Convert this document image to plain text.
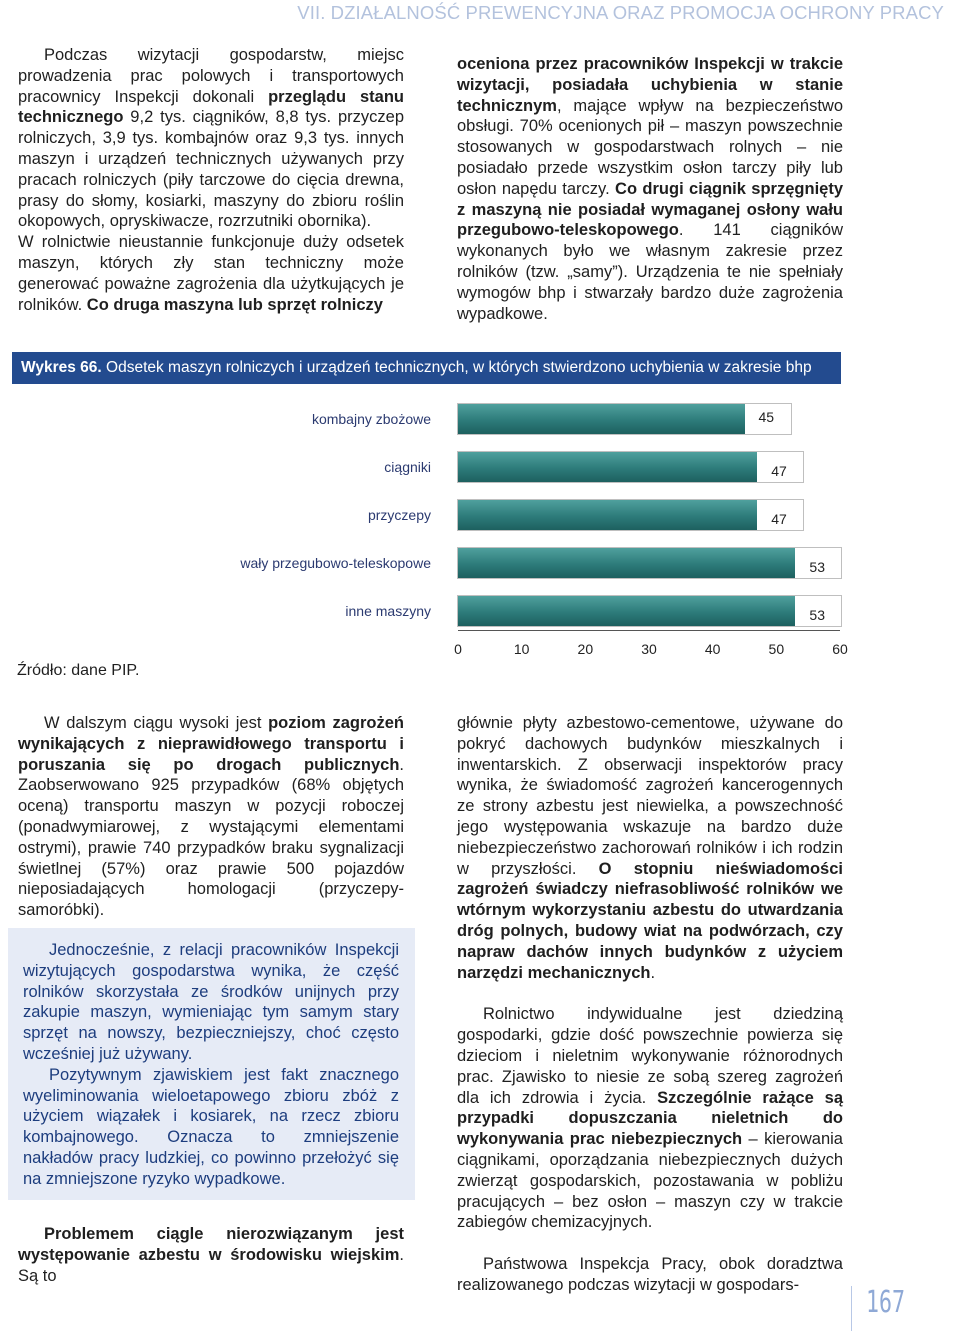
VII. DZIAŁALNOŚĆ PREWENCYJNA ORAZ PROMOCJA OCHRONY PRACY

Podczas wizytacji gospodarstw, miejsc prowadzenia prac polowych i transportowych pracownicy Inspekcji dokonali przeglądu stanu technicznego 9,2 tys. ciągników, 8,8 tys. przyczep rolniczych, 3,9 tys. kombajnów oraz 9,3 tys. innych maszyn i urządzeń technicznych używanych przy pracach rolniczych (piły tarczowe do cięcia drewna, prasy do słomy, kosiarki, maszyny do zbioru roślin okopowych, opryskiwacze, rozrzutniki obornika).

W rolnictwie nieustannie funkcjonuje duży odsetek maszyn, których zły stan techniczny może generować poważne zagrożenia dla użytkujących je rolników. Co druga maszyna lub sprzęt rolniczy

oceniona przez pracowników Inspekcji w trakcie wizytacji, posiadała uchybienia w stanie technicznym, mające wpływ na bezpieczeństwo obsługi. 70% ocenionych pił – maszyn powszechnie stosowanych w gospodarstwach rolnych – nie posiadało przede wszystkim osłon tarczy piły lub osłon napędu tarczy. Co drugi ciągnik sprzęgnięty z maszyną nie posiadał wymaganej osłony wału przegubowo-teleskopowego. 141 ciągników wykonanych było we własnym zakresie przez rolników (tzw. „samy”). Urządzenia te nie spełniały wymogów bhp i stwarzały bardzo duże zagrożenia wypadkowe.

Wykres 66. Odsetek maszyn rolniczych i urządzeń technicznych, w których stwierdzono uchybienia w zakresie bhp
kombajny zbożowe	45
ciągniki	47
przyczepy	47
wały przegubowo-teleskopowe	53
inne maszyny	53
0	10	20	30	40	50	60
Źródło: dane PIP.

W dalszym ciągu wysoki jest poziom zagrożeń wynikających z nieprawidłowego transportu i poruszania się po drogach publicznych. Zaobserwowano 925 przypadków (68% objętych oceną) transportu maszyn w pozycji roboczej (ponadwymiarowej, z wystającymi elementami ostrymi), prawie 740 przypadków braku sygnalizacji świetlnej (57%) oraz prawie 500 pojazdów nieposiadających homologacji (przyczepy-samoróbki).

Jednocześnie, z relacji pracowników Inspekcji wizytujących gospodarstwa wynika, że część rolników skorzystała ze środków unijnych przy zakupie maszyn, wymieniając tym samym stary sprzęt na nowszy, bezpieczniejszy, choć często wcześniej już używany.

Pozytywnym zjawiskiem jest fakt znacznego wyeliminowania wieloetapowego zbioru zbóż z użyciem wiązałek i kosiarek, na rzecz zbioru kombajnowego. Oznacza to zmniejszenie nakładów pracy ludzkiej, co powinno przełożyć się na zmniejszone ryzyko wypadkowe.

Problemem ciągle nierozwiązanym jest występowanie azbestu w środowisku wiejskim. Są to

głównie płyty azbestowo-cementowe, używane do pokryć dachowych budynków mieszkalnych i inwentarskich. Z obserwacji inspektorów pracy wynika, że świadomość zagrożeń kancerogennych ze strony azbestu jest niewielka, a powszechność jego występowania wskazuje na bardzo duże niebezpieczeństwo zachorowań rolników i ich rodzin w przyszłości. O stopniu nieświadomości zagrożeń świadczy niefrasobliwość rolników we wtórnym wykorzystaniu azbestu do utwardzania dróg polnych, budowy wiat na podwórzach, czy napraw dachów innych budynków z użyciem narzędzi mechanicznych.

Rolnictwo indywidualne jest dziedziną gospodarki, gdzie dość powszechnie powierza się dzieciom i nieletnim wykonywanie różnorodnych prac. Zjawisko to niesie ze sobą szereg zagrożeń dla ich zdrowia i życia. Szczególnie rażące są przypadki dopuszczania nieletnich do wykonywania prac niebezpiecznych – kierowania ciągnikami, oporządzania niebezpiecznych dużych zwierząt gospodarskich, pozostawania w pobliżu pracujących – bez osłon – maszyn czy w trakcie zabiegów chemizacyjnych.

Państwowa Inspekcja Pracy, obok doradztwa realizowanego podczas wizytacji w gospodars-

167
